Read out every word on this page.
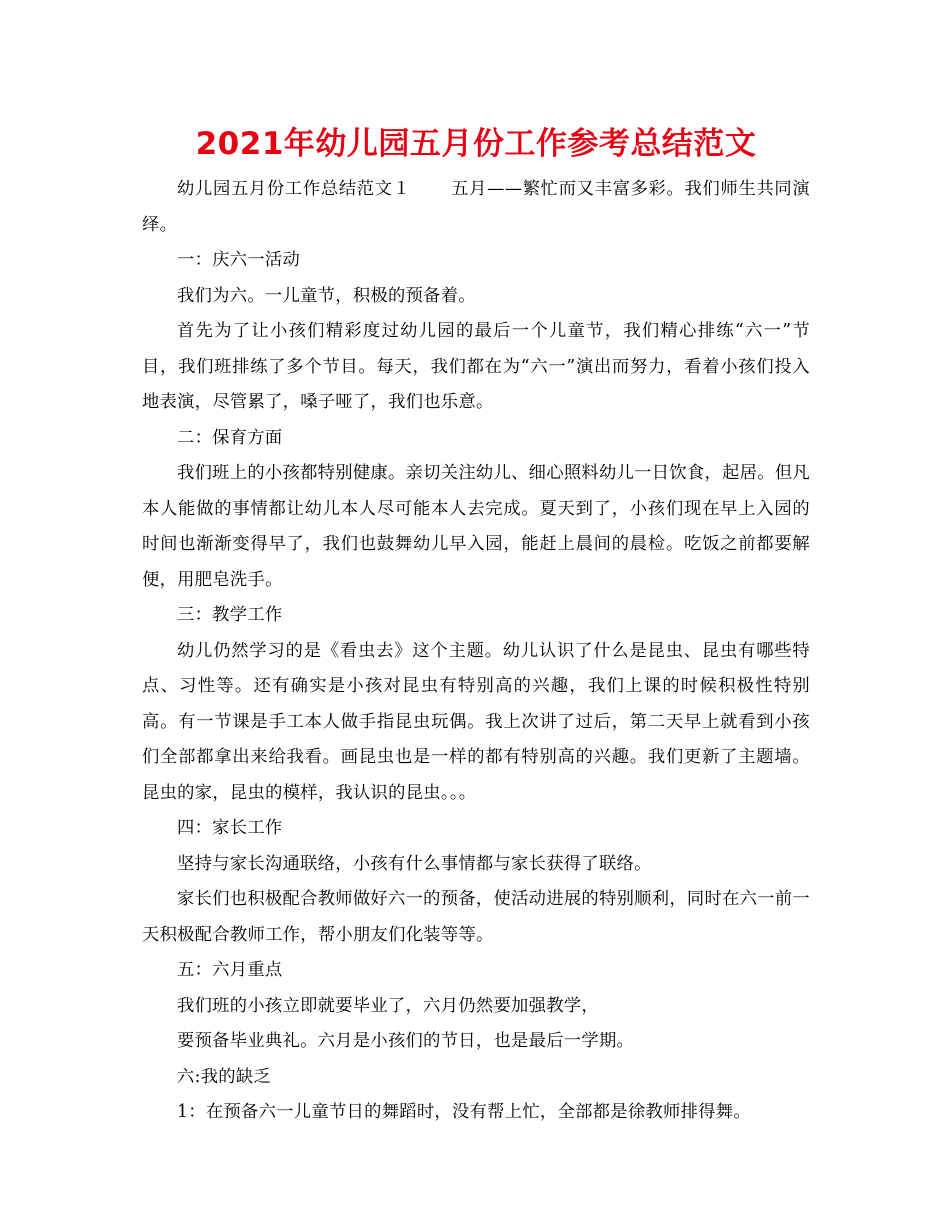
2021年幼儿园五月份工作参考总结范文

幼儿园五月份工作总结范文１ 五月——繁忙而又丰富多彩。我们师生共同演绎。

一：庆六一活动

我们为六。一儿童节，积极的预备着。

首先为了让小孩们精彩度过幼儿园的最后一个儿童节，我们精心排练“六一”节目，我们班排练了多个节目。每天，我们都在为“六一”演出而努力，看着小孩们投入地表演，尽管累了，嗓子哑了，我们也乐意。

二：保育方面

我们班上的小孩都特别健康。亲切关注幼儿、细心照料幼儿一日饮食，起居。但凡本人能做的事情都让幼儿本人尽可能本人去完成。夏天到了，小孩们现在早上入园的时间也渐渐变得早了，我们也鼓舞幼儿早入园，能赶上晨间的晨检。吃饭之前都要解便，用肥皂洗手。

三：教学工作

幼儿仍然学习的是《看虫去》这个主题。幼儿认识了什么是昆虫、昆虫有哪些特点、习性等。还有确实是小孩对昆虫有特别高的兴趣，我们上课的时候积极性特别高。有一节课是手工本人做手指昆虫玩偶。我上次讲了过后，第二天早上就看到小孩们全部都拿出来给我看。画昆虫也是一样的都有特别高的兴趣。我们更新了主题墙。昆虫的家，昆虫的模样，我认识的昆虫。。。

四：家长工作

坚持与家长沟通联络，小孩有什么事情都与家长获得了联络。

家长们也积极配合教师做好六一的预备，使活动进展的特别顺利，同时在六一前一天积极配合教师工作，帮小朋友们化装等等。

五：六月重点

我们班的小孩立即就要毕业了，六月仍然要加强教学，

要预备毕业典礼。六月是小孩们的节日，也是最后一学期。

六:我的缺乏

1：在预备六一儿童节日的舞蹈时，没有帮上忙，全部都是徐教师排得舞。
